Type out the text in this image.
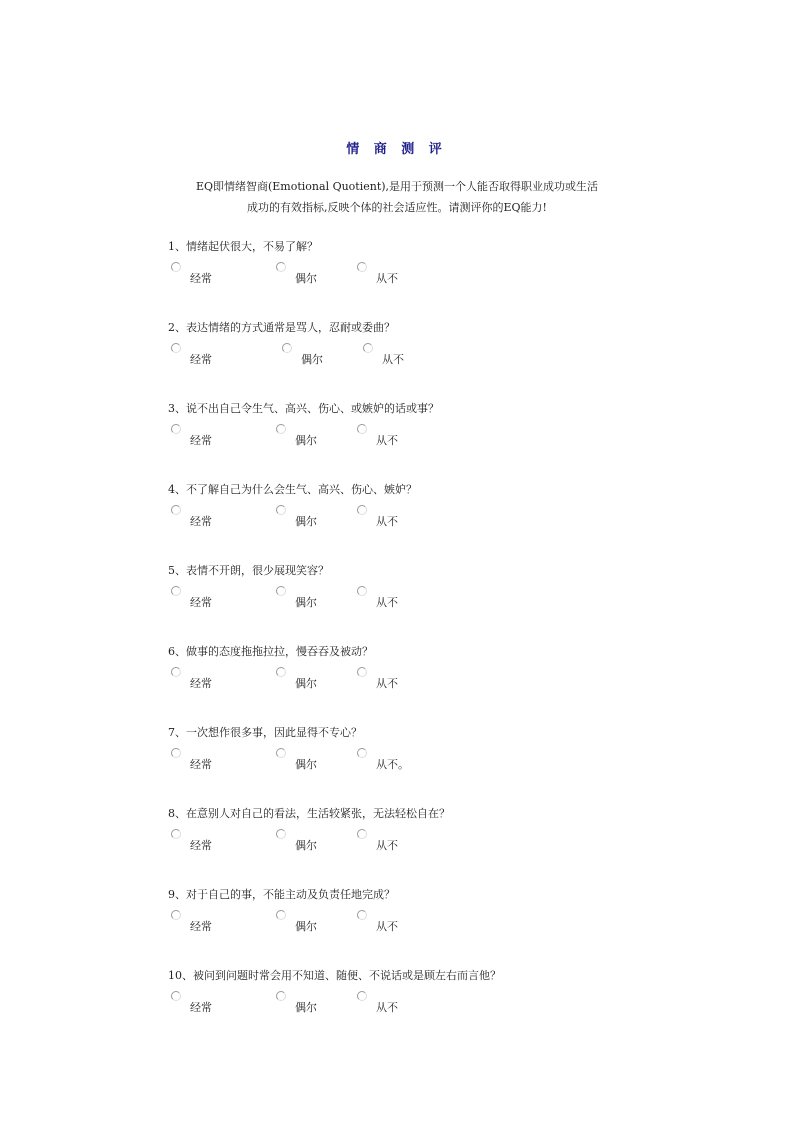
情 商 测 评
EQ即情绪智商(Emotional Quotient),是用于预测一个人能否取得职业成功或生活
成功的有效指标,反映个体的社会适应性。请测评你的EQ能力!
1、情绪起伏很大，不易了解？
经常	偶尔	从不
2、表达情绪的方式通常是骂人，忍耐或委曲？
经常	偶尔	从不
3、说不出自己令生气、高兴、伤心、或嫉妒的话或事？
经常	偶尔	从不
4、不了解自己为什么会生气、高兴、伤心、嫉妒？
经常	偶尔	从不
5、表情不开朗，很少展现笑容？
经常	偶尔	从不
6、做事的态度拖拖拉拉，慢吞吞及被动？
经常	偶尔	从不
7、一次想作很多事，因此显得不专心？
经常	偶尔	从不。
8、在意别人对自己的看法，生活较紧张，无法轻松自在？
经常	偶尔	从不
9、对于自己的事，不能主动及负责任地完成？
经常	偶尔	从不
10、被问到问题时常会用不知道、随便、不说话或是顾左右而言他？
经常	偶尔	从不
